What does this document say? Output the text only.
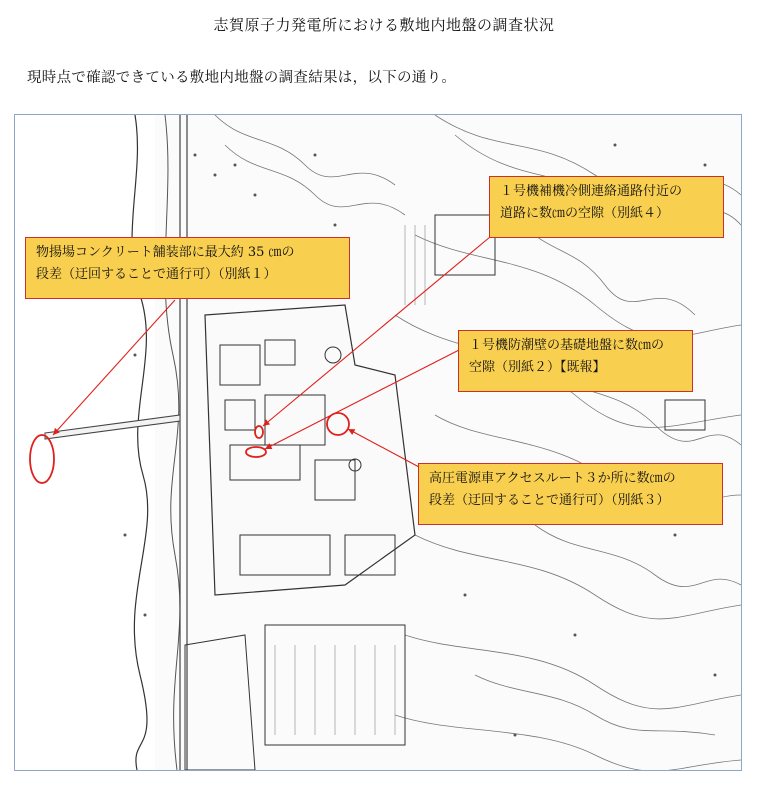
志賀原子力発電所における敷地内地盤の調査状況
現時点で確認できている敷地内地盤の調査結果は，以下の通り。
物揚場コンクリート舗装部に最大約 35 ㎝の
段差（迂回することで通行可）（別紙１）
１号機補機冷側連絡通路付近の
道路に数㎝の空隙（別紙４）
１号機防潮壁の基礎地盤に数㎝の
空隙（別紙２）【既報】
高圧電源車アクセスルート３か所に数㎝の
段差（迂回することで通行可）（別紙３）
